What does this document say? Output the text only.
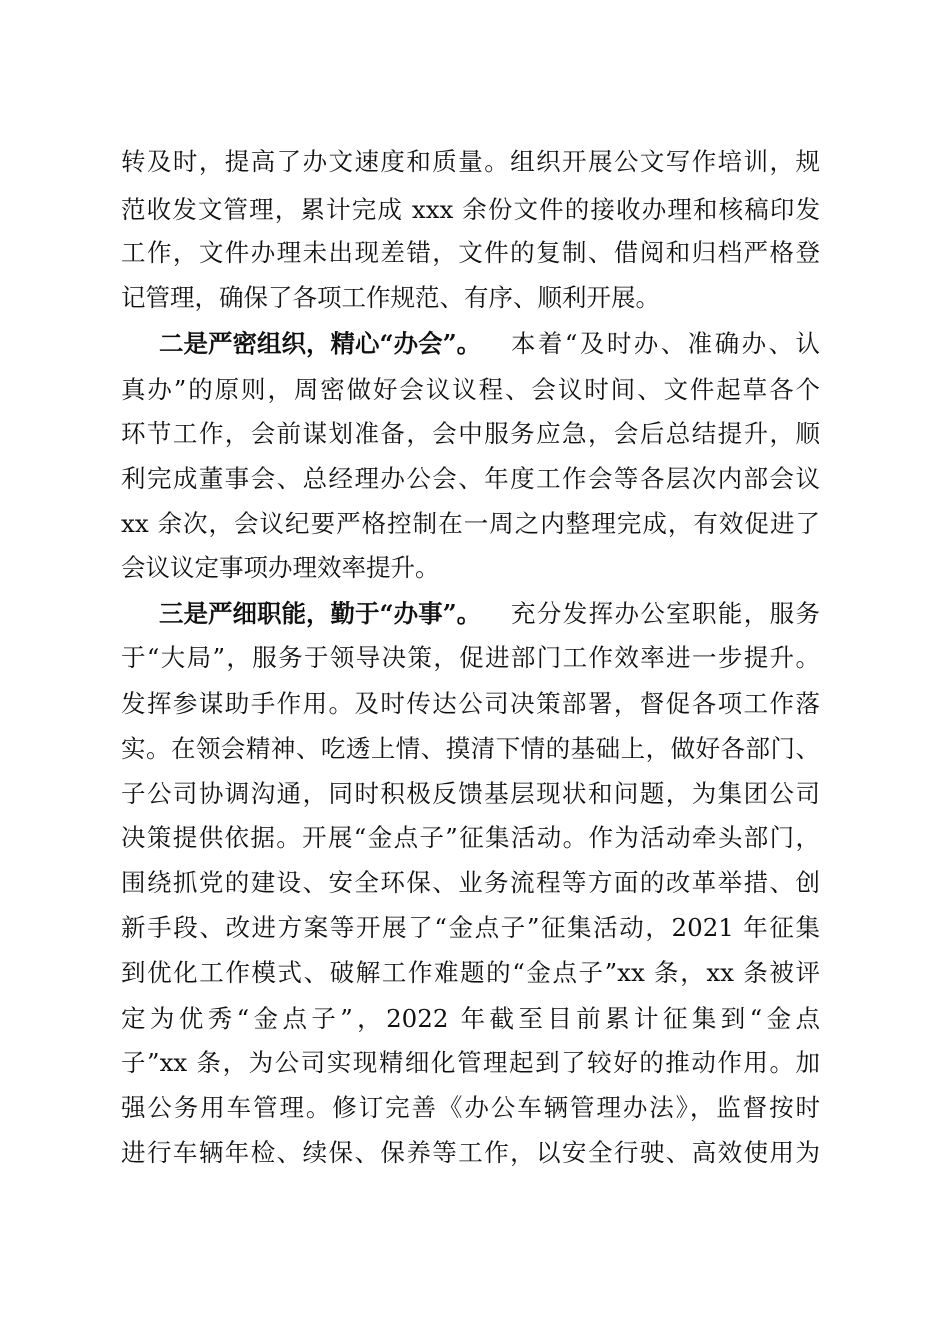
转及时，提高了办文速度和质量。组织开展公文写作培训，规
范收发文管理，累计完成 xxx 余份文件的接收办理和核稿印发
工作，文件办理未出现差错，文件的复制、借阅和归档严格登
记管理，确保了各项工作规范、有序、顺利开展。
二是严密组织，精心“办会”。 本着“及时办、准确办、认
真办”的原则，周密做好会议议程、会议时间、文件起草各个
环节工作，会前谋划准备，会中服务应急，会后总结提升，顺
利完成董事会、总经理办公会、年度工作会等各层次内部会议
xx 余次，会议纪要严格控制在一周之内整理完成，有效促进了
会议议定事项办理效率提升。
三是严细职能，勤于“办事”。 充分发挥办公室职能，服务
于“大局”，服务于领导决策，促进部门工作效率进一步提升。
发挥参谋助手作用。及时传达公司决策部署，督促各项工作落
实。在领会精神、吃透上情、摸清下情的基础上，做好各部门、
子公司协调沟通，同时积极反馈基层现状和问题，为集团公司
决策提供依据。开展“金点子”征集活动。作为活动牵头部门，
围绕抓党的建设、安全环保、业务流程等方面的改革举措、创
新手段、改进方案等开展了“金点子”征集活动，2021 年征集
到优化工作模式、破解工作难题的“金点子”xx 条，xx 条被评
定为优秀“金点子”，2022 年截至目前累计征集到“金点
子”xx 条，为公司实现精细化管理起到了较好的推动作用。加
强公务用车管理。修订完善《办公车辆管理办法》，监督按时
进行车辆年检、续保、保养等工作，以安全行驶、高效使用为
